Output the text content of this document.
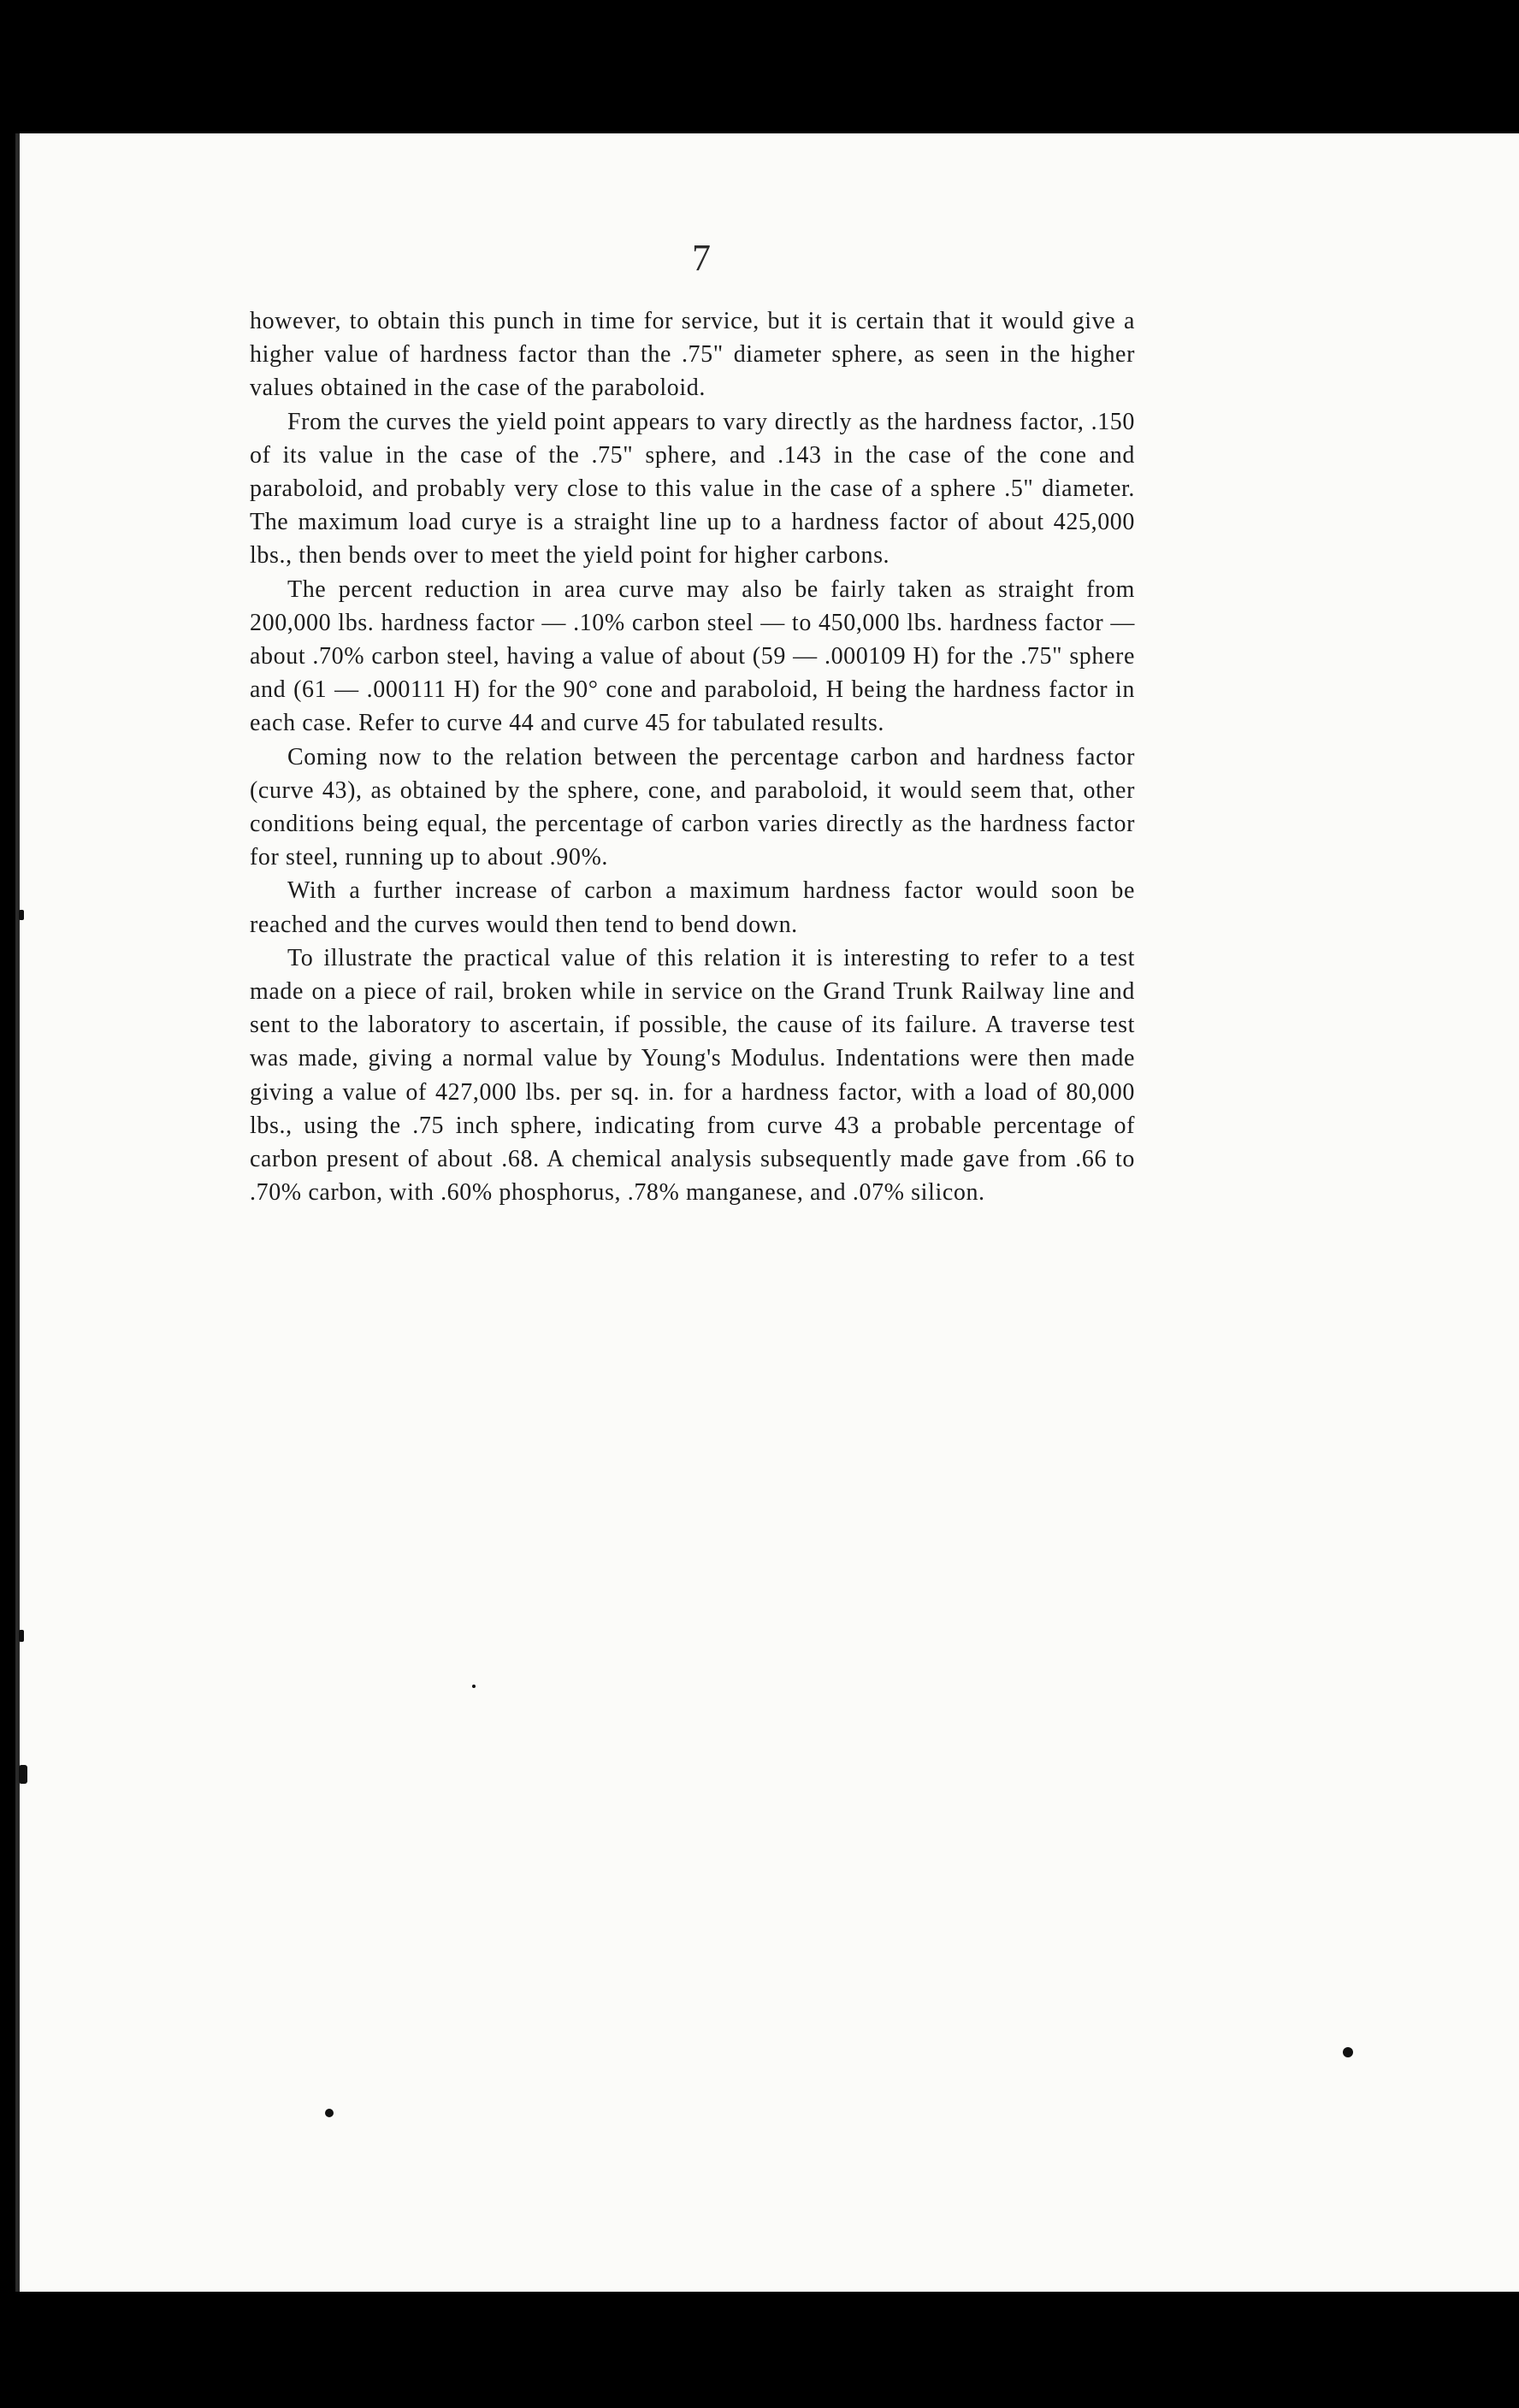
7

however, to obtain this punch in time for service, but it is certain that it would give a higher value of hardness factor than the .75" diameter sphere, as seen in the higher values obtained in the case of the paraboloid.

From the curves the yield point appears to vary directly as the hardness factor, .150 of its value in the case of the .75" sphere, and .143 in the case of the cone and paraboloid, and probably very close to this value in the case of a sphere .5" diameter. The maximum load curye is a straight line up to a hardness factor of about 425,000 lbs., then bends over to meet the yield point for higher carbons.

The percent reduction in area curve may also be fairly taken as straight from 200,000 lbs. hardness factor — .10% carbon steel — to 450,000 lbs. hardness factor — about .70% carbon steel, having a value of about (59 — .000109 H) for the .75" sphere and (61 — .000111 H) for the 90° cone and paraboloid, H being the hardness factor in each case. Refer to curve 44 and curve 45 for tabulated results.

Coming now to the relation between the percentage carbon and hardness factor (curve 43), as obtained by the sphere, cone, and paraboloid, it would seem that, other conditions being equal, the percentage of carbon varies directly as the hardness factor for steel, running up to about .90%.

With a further increase of carbon a maximum hardness factor would soon be reached and the curves would then tend to bend down.

To illustrate the practical value of this relation it is interesting to refer to a test made on a piece of rail, broken while in service on the Grand Trunk Railway line and sent to the laboratory to ascertain, if possible, the cause of its failure. A traverse test was made, giving a normal value by Young's Modulus. Indentations were then made giving a value of 427,000 lbs. per sq. in. for a hardness factor, with a load of 80,000 lbs., using the .75 inch sphere, indicating from curve 43 a probable percentage of carbon present of about .68. A chemical analysis subsequently made gave from .66 to .70% carbon, with .60% phosphorus, .78% manganese, and .07% silicon.
